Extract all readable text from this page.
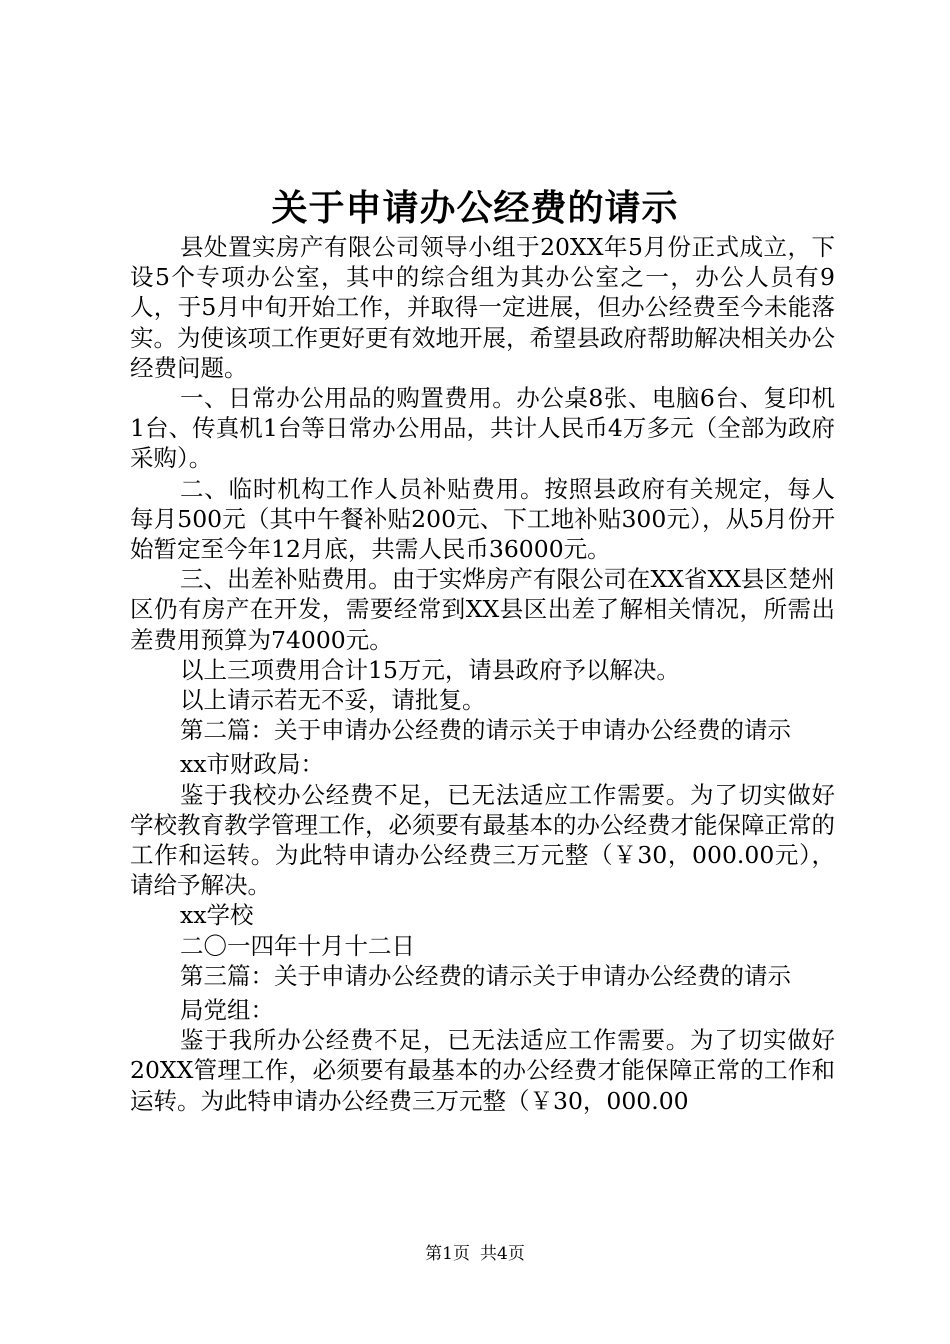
关于申请办公经费的请示

县处置实房产有限公司领导小组于20XX年5月份正式成立，下设5个专项办公室，其中的综合组为其办公室之一，办公人员有9人，于5月中旬开始工作，并取得一定进展，但办公经费至今未能落实。为使该项工作更好更有效地开展，希望县政府帮助解决相关办公经费问题。

一、日常办公用品的购置费用。办公桌8张、电脑6台、复印机1台、传真机1台等日常办公用品，共计人民币4万多元（全部为政府采购）。

二、临时机构工作人员补贴费用。按照县政府有关规定，每人每月500元（其中午餐补贴200元、下工地补贴300元），从5月份开始暂定至今年12月底，共需人民币36000元。

三、出差补贴费用。由于实烨房产有限公司在XX省XX县区楚州区仍有房产在开发，需要经常到XX县区出差了解相关情况，所需出差费用预算为74000元。

以上三项费用合计15万元，请县政府予以解决。

以上请示若无不妥，请批复。

第二篇：关于申请办公经费的请示关于申请办公经费的请示

xx市财政局：

鉴于我校办公经费不足，已无法适应工作需要。为了切实做好学校教育教学管理工作，必须要有最基本的办公经费才能保障正常的工作和运转。为此特申请办公经费三万元整（￥30，000.00元），请给予解决。

xx学校

二〇一四年十月十二日

第三篇：关于申请办公经费的请示关于申请办公经费的请示

局党组：

鉴于我所办公经费不足，已无法适应工作需要。为了切实做好20XX管理工作，必须要有最基本的办公经费才能保障正常的工作和运转。为此特申请办公经费三万元整（￥30，000.00

第1页 共4页
